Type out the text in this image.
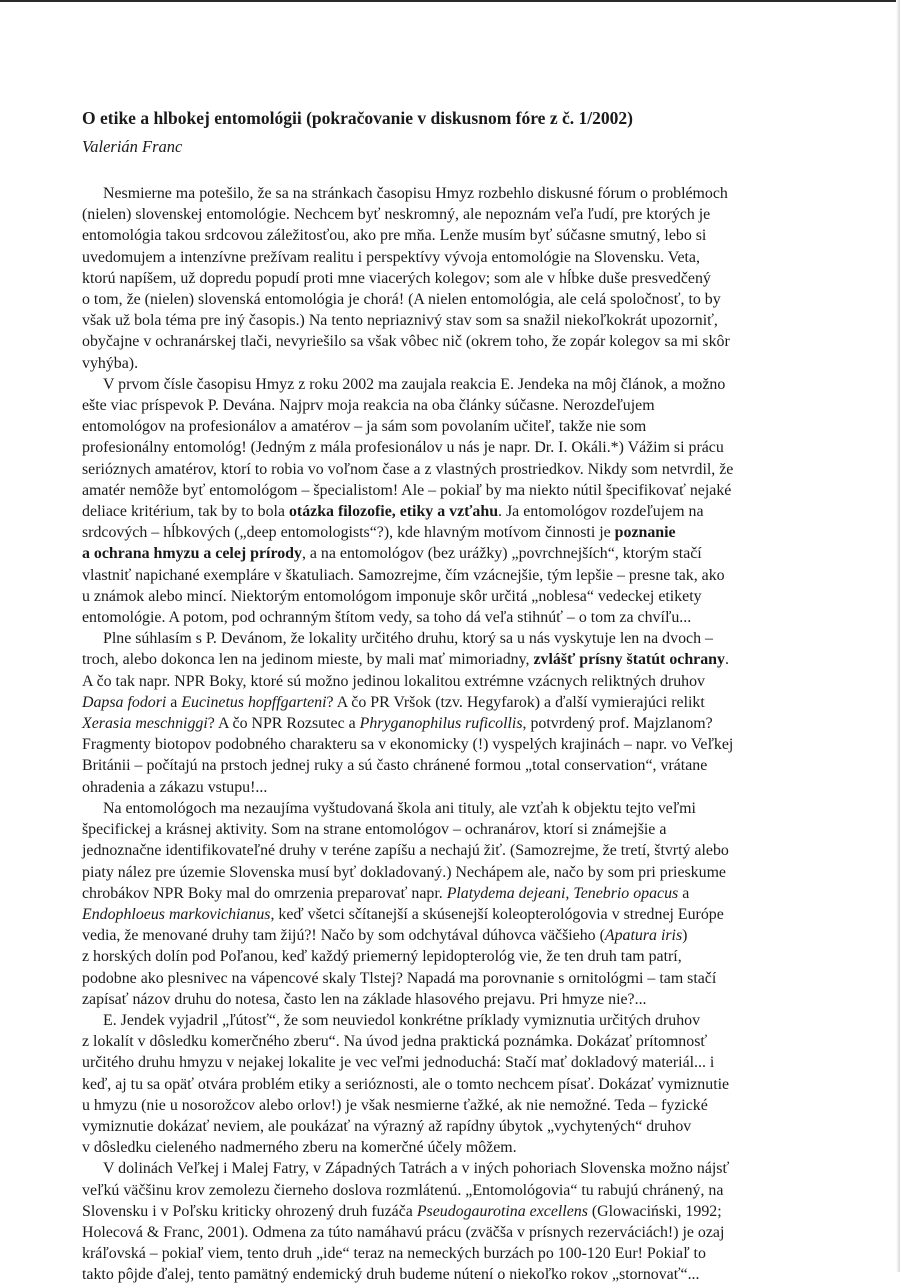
O etike a hlbokej entomológii (pokračovanie v diskusnom fóre z č. 1/2002)
Valerián Franc

Nesmierne ma potešilo, že sa na stránkach časopisu Hmyz rozbehlo diskusné fórum o problémoch
(nielen) slovenskej entomológie. Nechcem byť neskromný, ale nepoznám veľa ľudí, pre ktorých je
entomológia takou srdcovou záležitosťou, ako pre mňa. Lenže musím byť súčasne smutný, lebo si
uvedomujem a intenzívne prežívam realitu i perspektívy vývoja entomológie na Slovensku. Veta,
ktorú napíšem, už dopredu popudí proti mne viacerých kolegov; som ale v hĺbke duše presvedčený
o tom, že (nielen) slovenská entomológia je chorá! (A nielen entomológia, ale celá spoločnosť, to by
však už bola téma pre iný časopis.) Na tento nepriaznivý stav som sa snažil niekoľkokrát upozorniť,
obyčajne v ochranárskej tlači, nevyriešilo sa však vôbec nič (okrem toho, že zopár kolegov sa mi skôr
vyhýba).

V prvom čísle časopisu Hmyz z roku 2002 ma zaujala reakcia E. Jendeka na môj článok, a možno
ešte viac príspevok P. Devána. Najprv moja reakcia na oba články súčasne. Nerozdeľujem
entomológov na profesionálov a amatérov – ja sám som povolaním učiteľ, takže nie som
profesionálny entomológ! (Jedným z mála profesionálov u nás je napr. Dr. I. Okáli.*) Vážim si prácu
serióznych amatérov, ktorí to robia vo voľnom čase a z vlastných prostriedkov. Nikdy som netvrdil, že
amatér nemôže byť entomológom – špecialistom! Ale – pokiaľ by ma niekto nútil špecifikovať nejaké
deliace kritérium, tak by to bola otázka filozofie, etiky a vzťahu. Ja entomológov rozdeľujem na
srdcových – hĺbkových („deep entomologists“?), kde hlavným motívom činnosti je poznanie
a ochrana hmyzu a celej prírody, a na entomológov (bez urážky) „povrchnejších“, ktorým stačí
vlastniť napichané exempláre v škatuliach. Samozrejme, čím vzácnejšie, tým lepšie – presne tak, ako
u známok alebo mincí. Niektorým entomológom imponuje skôr určitá „noblesa“ vedeckej etikety
entomológie. A potom, pod ochranným štítom vedy, sa toho dá veľa stihnúť – o tom za chvíľu...

Plne súhlasím s P. Devánom, že lokality určitého druhu, ktorý sa u nás vyskytuje len na dvoch –
troch, alebo dokonca len na jedinom mieste, by mali mať mimoriadny, zvlášť prísny štatút ochrany.
A čo tak napr. NPR Boky, ktoré sú možno jedinou lokalitou extrémne vzácnych reliktných druhov
Dapsa fodori a Eucinetus hopffgarteni? A čo PR Vršok (tzv. Hegyfarok) a ďalší vymierajúci relikt
Xerasia meschniggi? A čo NPR Rozsutec a Phryganophilus ruficollis, potvrdený prof. Majzlanom?
Fragmenty biotopov podobného charakteru sa v ekonomicky (!) vyspelých krajinách – napr. vo Veľkej
Británii – počítajú na prstoch jednej ruky a sú často chránené formou „total conservation“, vrátane
ohradenia a zákazu vstupu!...

Na entomológoch ma nezaujíma vyštudovaná škola ani tituly, ale vzťah k objektu tejto veľmi
špecifickej a krásnej aktivity. Som na strane entomológov – ochranárov, ktorí si známejšie a
jednoznačne identifikovateľné druhy v teréne zapíšu a nechajú žiť. (Samozrejme, že tretí, štvrtý alebo
piaty nález pre územie Slovenska musí byť dokladovaný.) Nechápem ale, načo by som pri prieskume
chrobákov NPR Boky mal do omrzenia preparovať napr. Platydema dejeani, Tenebrio opacus a
Endophloeus markovichianus, keď všetci sčítanejší a skúsenejší koleopterológovia v strednej Európe
vedia, že menované druhy tam žijú?! Načo by som odchytával dúhovca väčšieho (Apatura iris)
z horských dolín pod Poľanou, keď každý priemerný lepidopterológ vie, že ten druh tam patrí,
podobne ako plesnivec na vápencové skaly Tlstej? Napadá ma porovnanie s ornitológmi – tam stačí
zapísať názov druhu do notesa, často len na základe hlasového prejavu. Pri hmyze nie?...

E. Jendek vyjadril „ľútosť“, že som neuviedol konkrétne príklady vymiznutia určitých druhov
z lokalít v dôsledku komerčného zberu“. Na úvod jedna praktická poznámka. Dokázať prítomnosť
určitého druhu hmyzu v nejakej lokalite je vec veľmi jednoduchá: Stačí mať dokladový materiál... i
keď, aj tu sa opäť otvára problém etiky a serióznosti, ale o tomto nechcem písať. Dokázať vymiznutie
u hmyzu (nie u nosorožcov alebo orlov!) je však nesmierne ťažké, ak nie nemožné. Teda – fyzické
vymiznutie dokázať neviem, ale poukázať na výrazný až rapídny úbytok „vychytených“ druhov
v dôsledku cieleného nadmerného zberu na komerčné účely môžem.

V dolinách Veľkej i Malej Fatry, v Západných Tatrách a v iných pohoriach Slovenska možno nájsť
veľkú väčšinu krov zemolezu čierneho doslova rozmlátenú. „Entomológovia“ tu rabujú chránený, na
Slovensku i v Poľsku kriticky ohrozený druh fuzáča Pseudogaurotina excellens (Glowaciński, 1992;
Holecová & Franc, 2001). Odmena za túto namáhavú prácu (zväčša v prísnych rezerváciách!) je ozaj
kráľovská – pokiaľ viem, tento druh „ide“ teraz na nemeckých burzách po 100-120 Eur! Pokiaľ to
takto pôjde ďalej, tento pamätný endemický druh budeme nútení o niekoľko rokov „stornovať“...
